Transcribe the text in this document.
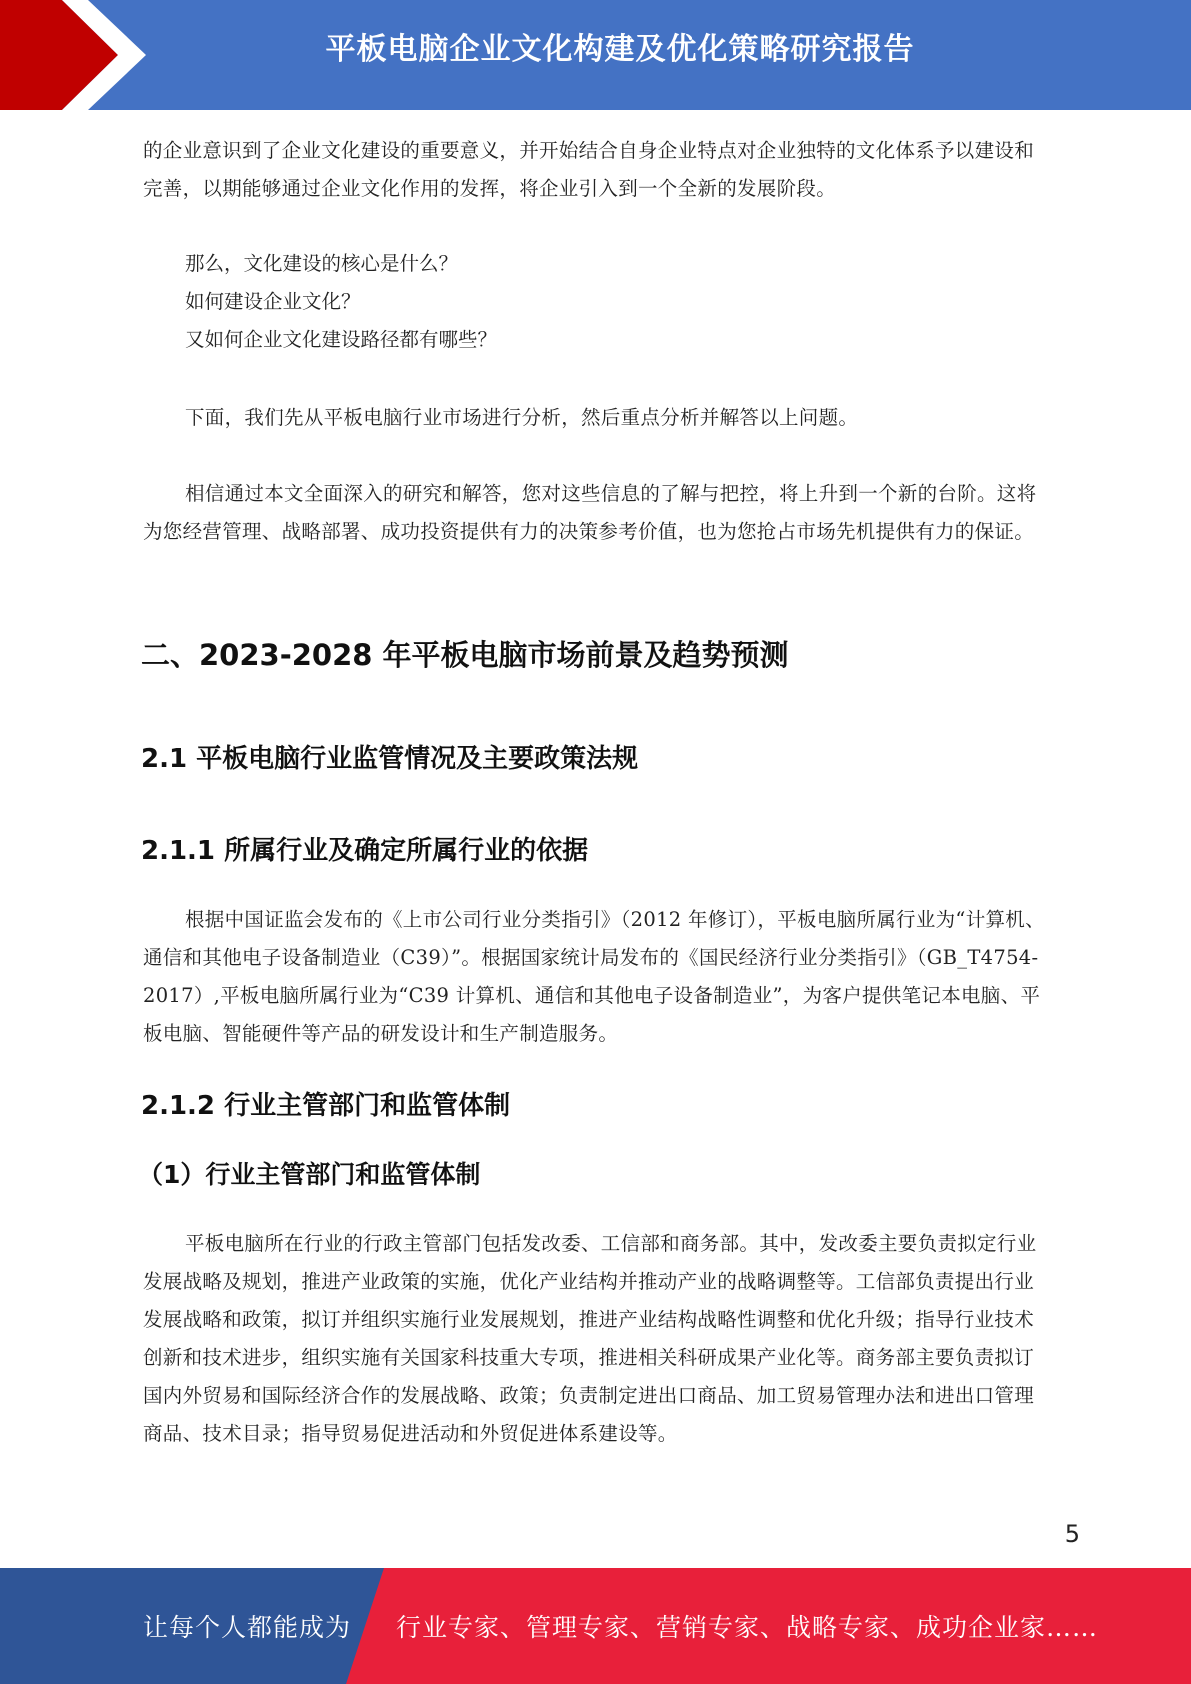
平板电脑企业文化构建及优化策略研究报告
的企业意识到了企业文化建设的重要意义，并开始结合自身企业特点对企业独特的文化体系予以建设和完善，以期能够通过企业文化作用的发挥，将企业引入到一个全新的发展阶段。
那么，文化建设的核心是什么？
如何建设企业文化？
又如何企业文化建设路径都有哪些？
下面，我们先从平板电脑行业市场进行分析，然后重点分析并解答以上问题。
相信通过本文全面深入的研究和解答，您对这些信息的了解与把控，将上升到一个新的台阶。这将为您经营管理、战略部署、成功投资提供有力的决策参考价值，也为您抢占市场先机提供有力的保证。
二、2023-2028 年平板电脑市场前景及趋势预测
2.1 平板电脑行业监管情况及主要政策法规
2.1.1 所属行业及确定所属行业的依据
根据中国证监会发布的《上市公司行业分类指引》（2012 年修订），平板电脑所属行业为“计算机、通信和其他电子设备制造业（C39）”。根据国家统计局发布的《国民经济行业分类指引》（GB_T4754-2017）,平板电脑所属行业为“C39 计算机、通信和其他电子设备制造业”，为客户提供笔记本电脑、平板电脑、智能硬件等产品的研发设计和生产制造服务。
2.1.2 行业主管部门和监管体制
（1）行业主管部门和监管体制
平板电脑所在行业的行政主管部门包括发改委、工信部和商务部。其中，发改委主要负责拟定行业发展战略及规划，推进产业政策的实施，优化产业结构并推动产业的战略调整等。工信部负责提出行业发展战略和政策，拟订并组织实施行业发展规划，推进产业结构战略性调整和优化升级；指导行业技术创新和技术进步，组织实施有关国家科技重大专项，推进相关科研成果产业化等。商务部主要负责拟订国内外贸易和国际经济合作的发展战略、政策；负责制定进出口商品、加工贸易管理办法和进出口管理商品、技术目录；指导贸易促进活动和外贸促进体系建设等。
5
让每个人都能成为 行业专家、管理专家、营销专家、战略专家、成功企业家……
